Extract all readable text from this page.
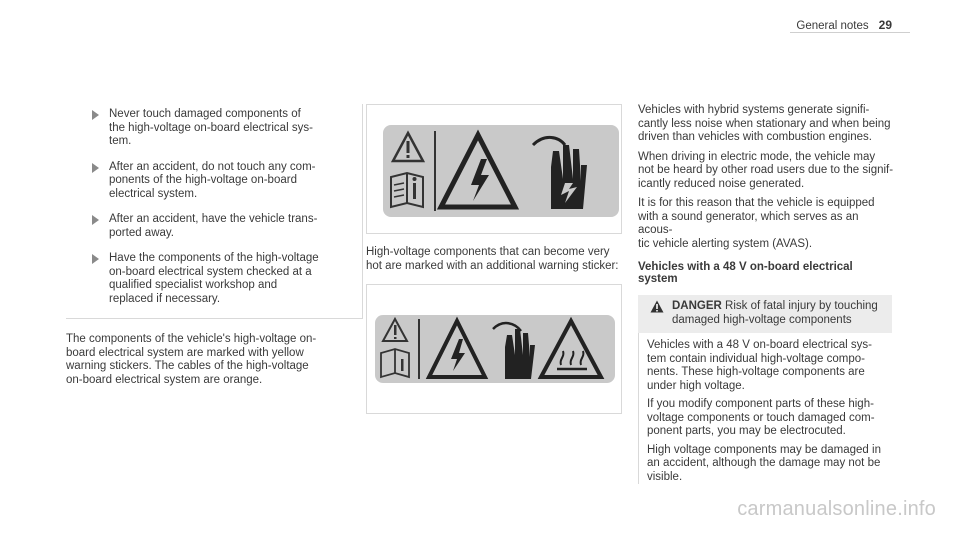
General notes 29
Never touch damaged components of
the high-voltage on-board electrical sys-
tem.
After an accident, do not touch any com-
ponents of the high-voltage on-board
electrical system.
After an accident, have the vehicle trans-
ported away.
Have the components of the high-voltage
on-board electrical system checked at a
qualified specialist workshop and
replaced if necessary.
The components of the vehicle's high-voltage on-
board electrical system are marked with yellow
warning stickers. The cables of the high-voltage
on-board electrical system are orange.
High-voltage components that can become very
hot are marked with an additional warning sticker:
Vehicles with hybrid systems generate signifi-
cantly less noise when stationary and when being
driven than vehicles with combustion engines.
When driving in electric mode, the vehicle may
not be heard by other road users due to the signif-
icantly reduced noise generated.
It is for this reason that the vehicle is equipped
with a sound generator, which serves as an acous-
tic vehicle alerting system (AVAS).
Vehicles with a 48 V on-board electrical system
DANGER Risk of fatal injury by touching damaged high-voltage components
Vehicles with a 48 V on-board electrical sys-
tem contain individual high-voltage compo-
nents. These high-voltage components are
under high voltage.
If you modify component parts of these high-
voltage components or touch damaged com-
ponent parts, you may be electrocuted.
High voltage components may be damaged in
an accident, although the damage may not be
visible.
carmanualsonline.info
